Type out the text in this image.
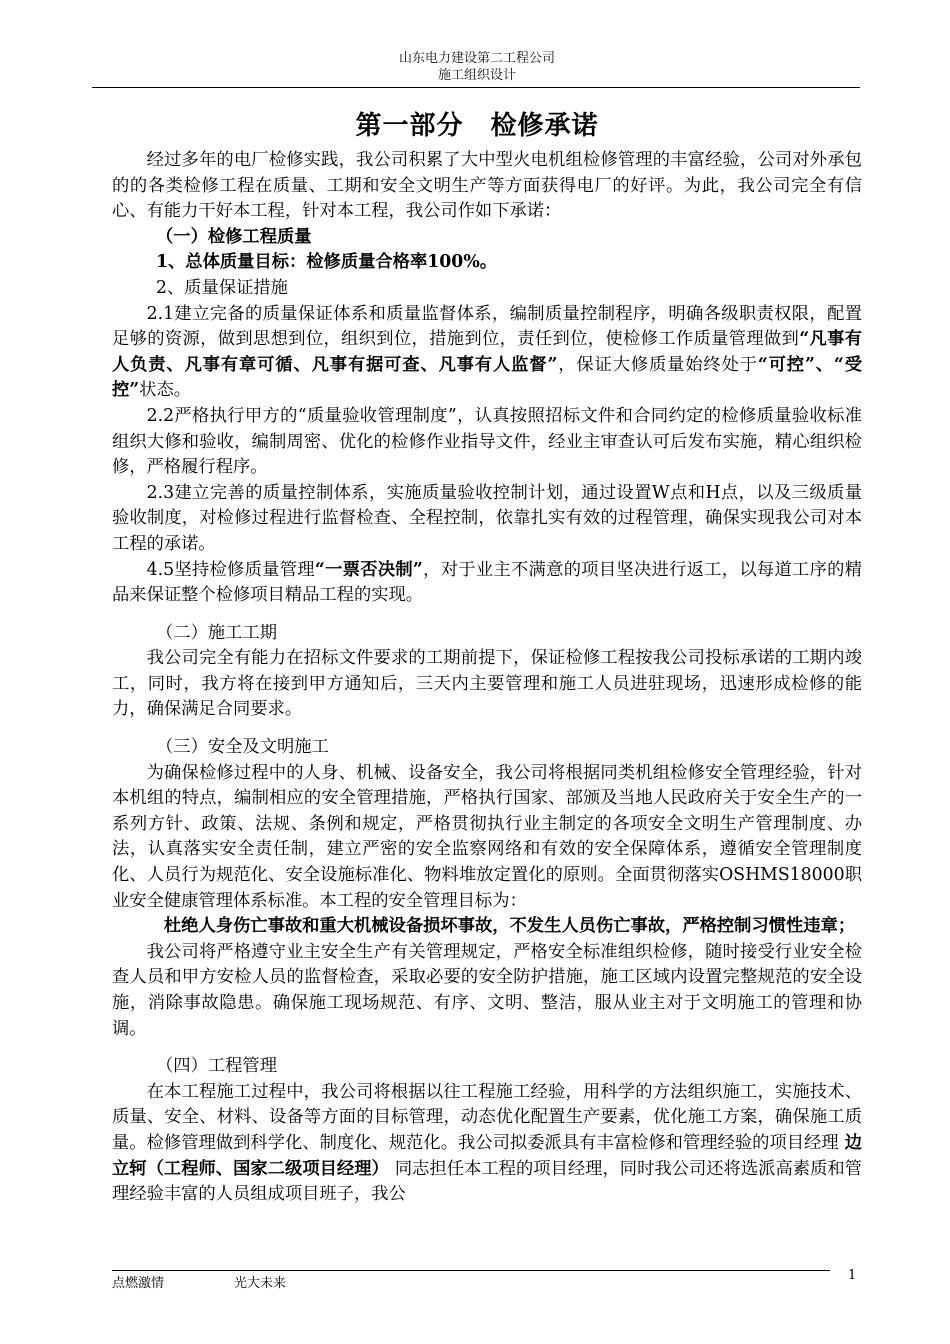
山东电力建设第二工程公司
施工组织设计
第一部分　检修承诺

经过多年的电厂检修实践，我公司积累了大中型火电机组检修管理的丰富经验，公司对外承包的的各类检修工程在质量、工期和安全文明生产等方面获得电厂的好评。为此，我公司完全有信心、有能力干好本工程，针对本工程，我公司作如下承诺：

（一）检修工程质量

1、总体质量目标：检修质量合格率100%。

2、质量保证措施

2.1建立完备的质量保证体系和质量监督体系，编制质量控制程序，明确各级职责权限，配置足够的资源，做到思想到位，组织到位，措施到位，责任到位，使检修工作质量管理做到“凡事有人负责、凡事有章可循、凡事有据可查、凡事有人监督”，保证大修质量始终处于“可控”、“受控”状态。

2.2严格执行甲方的“质量验收管理制度”，认真按照招标文件和合同约定的检修质量验收标准组织大修和验收，编制周密、优化的检修作业指导文件，经业主审查认可后发布实施，精心组织检修，严格履行程序。

2.3建立完善的质量控制体系，实施质量验收控制计划，通过设置W点和H点，以及三级质量验收制度，对检修过程进行监督检查、全程控制，依靠扎实有效的过程管理，确保实现我公司对本工程的承诺。

4.5坚持检修质量管理“一票否决制”，对于业主不满意的项目坚决进行返工，以每道工序的精品来保证整个检修项目精品工程的实现。

（二）施工工期

我公司完全有能力在招标文件要求的工期前提下，保证检修工程按我公司投标承诺的工期内竣工，同时，我方将在接到甲方通知后，三天内主要管理和施工人员进驻现场，迅速形成检修的能力，确保满足合同要求。

（三）安全及文明施工

为确保检修过程中的人身、机械、设备安全，我公司将根据同类机组检修安全管理经验，针对本机组的特点，编制相应的安全管理措施，严格执行国家、部颁及当地人民政府关于安全生产的一系列方针、政策、法规、条例和规定，严格贯彻执行业主制定的各项安全文明生产管理制度、办法，认真落实安全责任制，建立严密的安全监察网络和有效的安全保障体系，遵循安全管理制度化、人员行为规范化、安全设施标准化、物料堆放定置化的原则。全面贯彻落实OSHMS18000职业安全健康管理体系标准。本工程的安全管理目标为：

杜绝人身伤亡事故和重大机械设备损坏事故，不发生人员伤亡事故，严格控制习惯性违章；

我公司将严格遵守业主安全生产有关管理规定，严格安全标准组织检修，随时接受行业安全检查人员和甲方安检人员的监督检查，采取必要的安全防护措施，施工区域内设置完整规范的安全设施，消除事故隐患。确保施工现场规范、有序、文明、整洁，服从业主对于文明施工的管理和协调。

（四）工程管理

在本工程施工过程中，我公司将根据以往工程施工经验，用科学的方法组织施工，实施技术、质量、安全、材料、设备等方面的目标管理，动态优化配置生产要素，优化施工方案，确保施工质量。检修管理做到科学化、制度化、规范化。我公司拟委派具有丰富检修和管理经验的项目经理 边立轲（工程师、国家二级项目经理） 同志担任本工程的项目经理，同时我公司还将选派高素质和管理经验丰富的人员组成项目班子，我公

点燃激情	光大未来
1
